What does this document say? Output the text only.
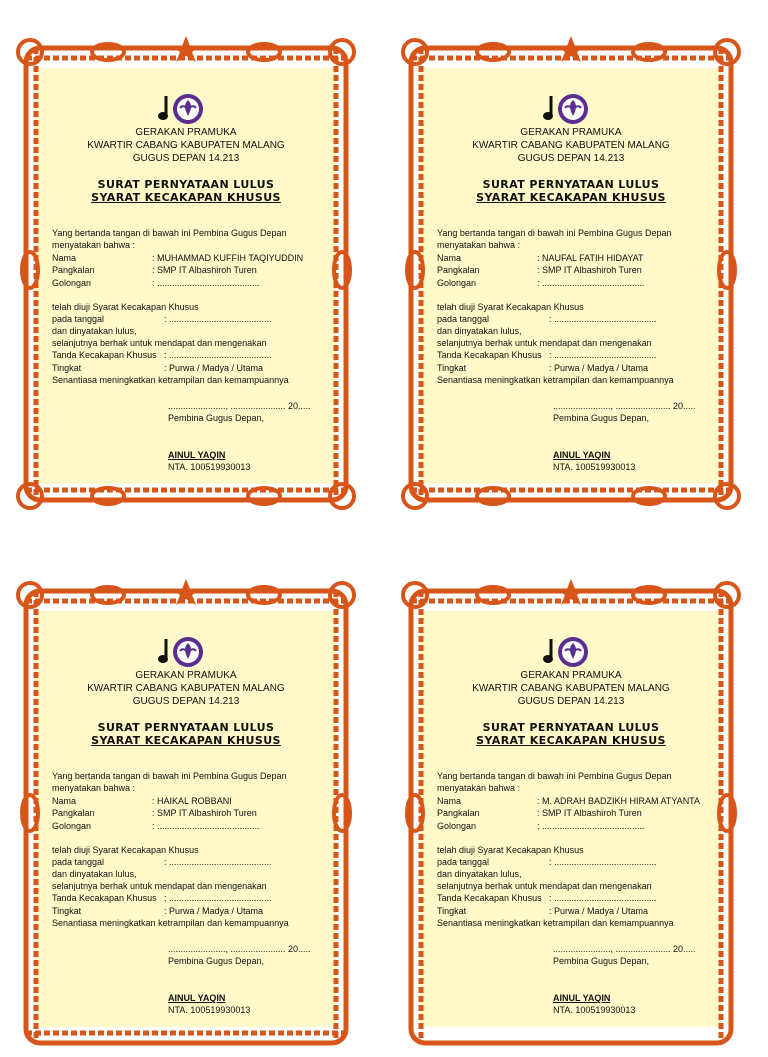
GERAKAN PRAMUKA
KWARTIR CABANG KABUPATEN MALANG
GUGUS DEPAN 14.213
SURAT PERNYATAAN LULUS
SYARAT KECAKAPAN KHUSUS
Yang bertanda tangan di bawah ini Pembina Gugus Depan
menyatakan bahwa :
Nama	: MUHAMMAD KUFFIH TAQIYUDDIN
Pangkalan	: SMP IT Albashiroh Turen
Golongan	: .........................................
telah diuji Syarat Kecakapan Khusus
pada tanggal	: .........................................
dan dinyatakan lulus,
selanjutnya berhak untuk mendapat dan mengenakan
Tanda Kecakapan Khusus : .........................................
Tingkat	: Purwa / Madya / Utama
Senantiasa meningkatkan ketrampilan dan kemampuannya
......................., ...................... 20.....
Pembina Gugus Depan,
AINUL YAQIN
NTA. 100519930013
GERAKAN PRAMUKA
KWARTIR CABANG KABUPATEN MALANG
GUGUS DEPAN 14.213
SURAT PERNYATAAN LULUS
SYARAT KECAKAPAN KHUSUS
Yang bertanda tangan di bawah ini Pembina Gugus Depan
menyatakan bahwa :
Nama	: NAUFAL FATIH HIDAYAT
Pangkalan	: SMP IT Albashiroh Turen
Golongan	: .........................................
telah diuji Syarat Kecakapan Khusus
pada tanggal	: .........................................
dan dinyatakan lulus,
selanjutnya berhak untuk mendapat dan mengenakan
Tanda Kecakapan Khusus : .........................................
Tingkat	: Purwa / Madya / Utama
Senantiasa meningkatkan ketrampilan dan kemampuannya
......................., ...................... 20.....
Pembina Gugus Depan,
AINUL YAQIN
NTA. 100519930013
GERAKAN PRAMUKA
KWARTIR CABANG KABUPATEN MALANG
GUGUS DEPAN 14.213
SURAT PERNYATAAN LULUS
SYARAT KECAKAPAN KHUSUS
Yang bertanda tangan di bawah ini Pembina Gugus Depan
menyatakan bahwa :
Nama	: HAIKAL ROBBANI
Pangkalan	: SMP IT Albashiroh Turen
Golongan	: .........................................
telah diuji Syarat Kecakapan Khusus
pada tanggal	: .........................................
dan dinyatakan lulus,
selanjutnya berhak untuk mendapat dan mengenakan
Tanda Kecakapan Khusus : .........................................
Tingkat	: Purwa / Madya / Utama
Senantiasa meningkatkan ketrampilan dan kemampuannya
......................., ...................... 20.....
Pembina Gugus Depan,
AINUL YAQIN
NTA. 100519930013
GERAKAN PRAMUKA
KWARTIR CABANG KABUPATEN MALANG
GUGUS DEPAN 14.213
SURAT PERNYATAAN LULUS
SYARAT KECAKAPAN KHUSUS
Yang bertanda tangan di bawah ini Pembina Gugus Depan
menyatakan bahwa :
Nama	: M. ADRAH BADZIKH HIRAM ATYANTA
Pangkalan	: SMP IT Albashiroh Turen
Golongan	: .........................................
telah diuji Syarat Kecakapan Khusus
pada tanggal	: .........................................
dan dinyatakan lulus,
selanjutnya berhak untuk mendapat dan mengenakan
Tanda Kecakapan Khusus : .........................................
Tingkat	: Purwa / Madya / Utama
Senantiasa meningkatkan ketrampilan dan kemampuannya
......................., ...................... 20.....
Pembina Gugus Depan,
AINUL YAQIN
NTA. 100519930013
